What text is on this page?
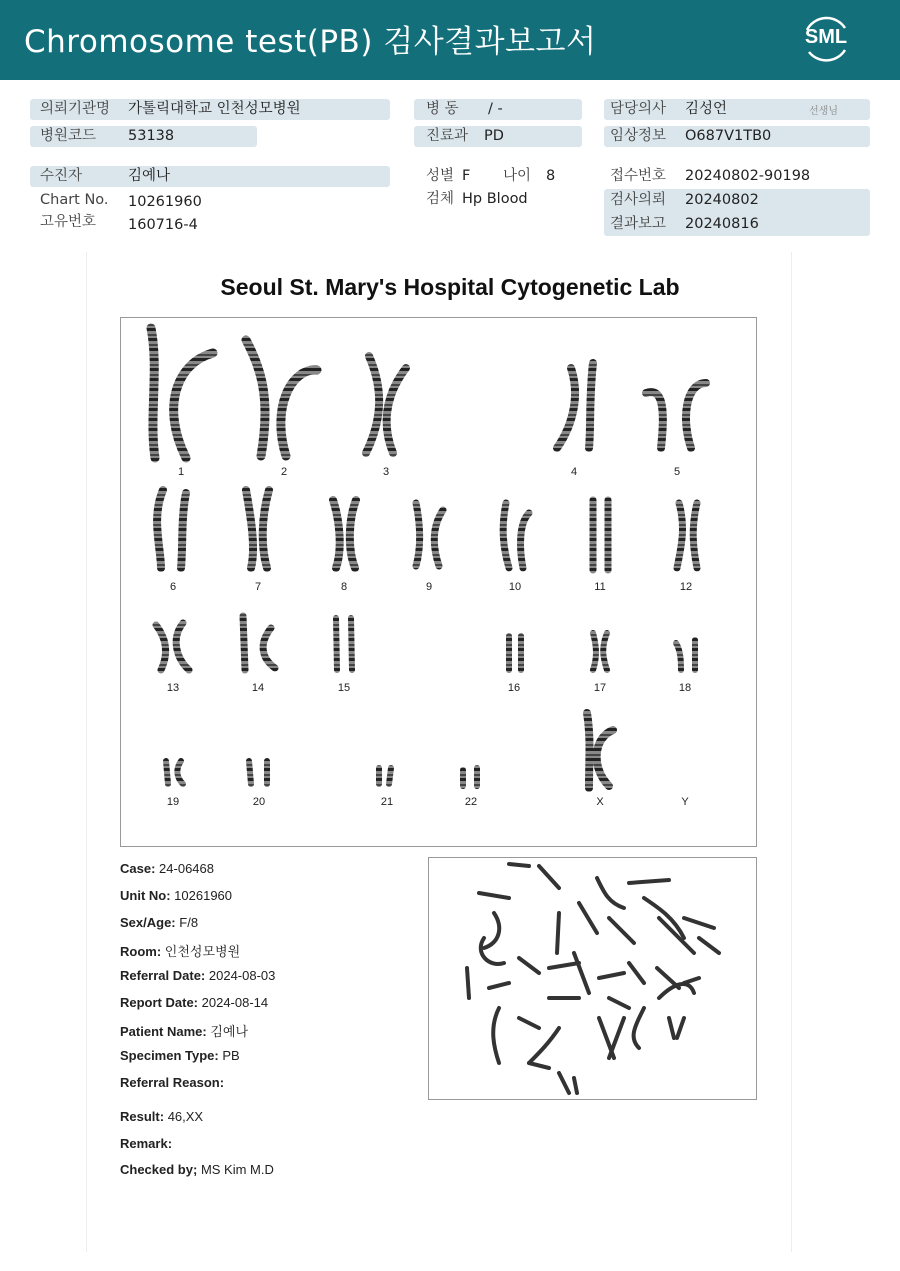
Chromosome test(PB) 검사결과보고서	SML
의뢰기관명 가톨릭대학교 인천성모병원
병원코드 53138
병 동 / -
진료과 PD
담당의사 김성언	선생님
임상정보 O687V1TB0
수진자	김예나
Chart No. 10261960
고유번호 160716-4
성별 F 나이 8
검체 Hp Blood
접수번호 20240802-90198
검사의뢰 20240802
결과보고 20240816
Seoul St. Mary's Hospital Cytogenetic Lab
1	2	3	4	5
6	7	8	9	10	11	12
13	14	15	16	17	18
19	20	21	22	X	Y
Case: 24-06468
Unit No: 10261960
Sex/Age: F/8
Room: 인천성모병원
Referral Date: 2024-08-03
Report Date: 2024-08-14
Patient Name: 김예나
Specimen Type: PB
Referral Reason:
Result: 46,XX
Remark:
Checked by; MS Kim M.D
